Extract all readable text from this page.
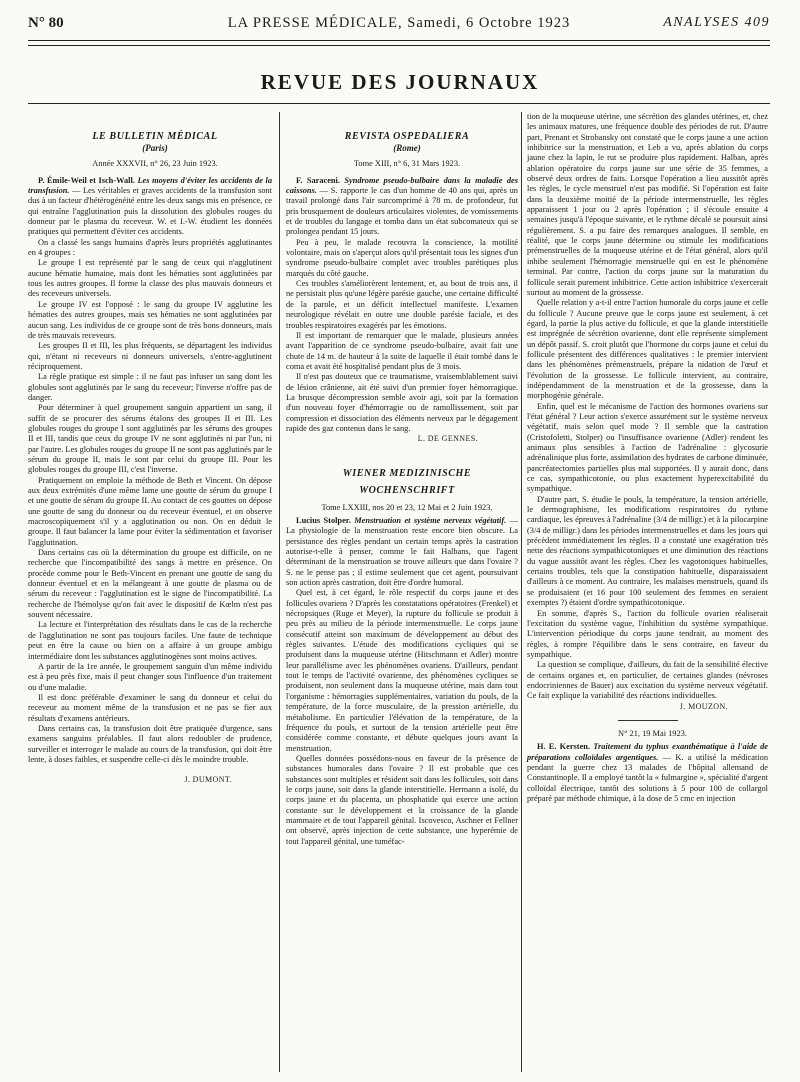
N° 80	LA PRESSE MÉDICALE, Samedi, 6 Octobre 1923	ANALYSES 409
REVUE DES JOURNAUX

LE BULLETIN MÉDICAL

(Paris)

Année XXXVII, n° 26, 23 Juin 1923.

P. Émile-Weil et Isch-Wall. Les moyens d'éviter les accidents de la transfusion. — Les véritables et graves accidents de la transfusion sont dus à un facteur d'hétérogénéité entre les deux sangs mis en présence, ce qui entraîne l'agglutination puis la dissolution des globules rouges du donneur par le plasma du receveur. W. et I.-W. étudient les données pratiques qui permettent d'éviter ces accidents.

On a classé les sangs humains d'après leurs propriétés agglutinantes en 4 groupes :

Le groupe I est représenté par le sang de ceux qui n'agglutinent aucune hématie humaine, mais dont les hématies sont agglutinées par tous les autres groupes. Il forme la classe des plus mauvais donneurs et des receveurs universels.

Le groupe IV est l'opposé : le sang du groupe IV agglutine les hématies des autres groupes, mais ses hématies ne sont agglutinées par aucun sang. Les individus de ce groupe sont de très bons donneurs, mais de très mauvais receveurs.

Les groupes II et III, les plus fréquents, se départagent les individus qui, n'étant ni receveurs ni donneurs universels, s'entre-agglutinent réciproquement.

La règle pratique est simple : il ne faut pas infuser un sang dont les globules sont agglutinés par le sang du receveur; l'inverse n'offre pas de danger.

Pour déterminer à quel groupement sanguin appartient un sang, il suffit de se procurer des sérums étalons des groupes II et III. Les globules rouges du groupe I sont agglutinés par les sérums des groupes II et III, tandis que ceux du groupe IV ne sont agglutinés ni par l'un, ni par l'autre. Les globules rouges du groupe II ne sont pas agglutinés par le sérum du groupe II, mais le sont par celui du groupe III. Pour les globules rouges du groupe III, c'est l'inverse.

Pratiquement on emploie la méthode de Beth et Vincent. On dépose aux deux extrémités d'une même lame une goutte de sérum du groupe I et une goutte de sérum du groupe II. Au contact de ces gouttes on dépose une goutte de sang du donneur ou du receveur éventuel, et on observe macroscopiquement s'il y a agglutination ou non. On en déduit le groupe. Il faut balancer la lame pour éviter la sédimentation et favoriser l'agglutination.

Dans certains cas où la détermination du groupe est difficile, on ne recherche que l'incompatibilité des sangs à mettre en présence. On procède comme pour le Beth-Vincent en prenant une goutte de sang du donneur éventuel et en la mélangeant à une goutte de plasma ou de sérum du receveur : l'agglutination est le signe de l'incompatibilité. La recherche de l'hémolyse qu'on fait avec le dispositif de Kœlm n'est pas souvent nécessaire.

La lecture et l'interprétation des résultats dans le cas de la recherche de l'agglutination ne sont pas toujours faciles. Une faute de technique peut en être la cause ou bien on a affaire à un groupe ambigu intermédiaire dont les substances agglutinogènes sont moins actives.

A partir de la 1re année, le groupement sanguin d'un même individu est à peu près fixe, mais il peut changer sous l'influence d'un traitement ou d'une maladie.

Il est donc préférable d'examiner le sang du donneur et celui du receveur au moment même de la transfusion et ne pas se fier aux résultats d'examens antérieurs.

Dans certains cas, la transfusion doit être pratiquée d'urgence, sans examens sanguins préalables. Il faut alors redoubler de prudence, surveiller et interroger le malade au cours de la transfusion, qui doit être lente, à doses faibles, et suspendre celle-ci dès le moindre trouble.

J. DUMONT.

REVISTA OSPEDALIERA

(Rome)

Tome XIII, n° 6, 31 Mars 1923.

F. Saraceni. Syndrome pseudo-bulbaire dans la maladie des caissons. — S. rapporte le cas d'un homme de 40 ans qui, après un travail prolongé dans l'air surcomprimé à 78 m. de profondeur, fut pris brusquement de douleurs articulaires violentes, de vomissements et de troubles du langage et tomba dans un état subcomateux qui se prolongea pendant 15 jours.

Peu à peu, le malade recouvra la conscience, la motilité volontaire, mais on s'aperçut alors qu'il présentait tous les signes d'un syndrome pseudo-bulbaire complet avec troubles parétiques plus marqués du côté gauche.

Ces troubles s'améliorèrent lentement, et, au bout de trois ans, il ne persistait plus qu'une légère parésie gauche, une certaine difficulté de la parole, et un déficit intellectuel manifeste. L'examen neurologique révélait en outre une double parésie faciale, et des troubles respiratoires exagérés par les émotions.

Il est important de remarquer que le malade, plusieurs années avant l'apparition de ce syndrome pseudo-bulbaire, avait fait une chute de 14 m. de hauteur à la suite de laquelle il était tombé dans le coma et avait été hospitalisé pendant plus de 3 mois.

Il n'est pas douteux que ce traumatisme, vraisemblablement suivi de lésion crânienne, ait été suivi d'un premier foyer hémorragique. La brusque décompression semble avoir agi, soit par la formation d'un nouveau foyer d'hémorragie ou de ramollissement, soit par compression et dissociation des éléments nerveux par le dégagement rapide des gaz contenus dans le sang.

L. DE GENNES.

WIENER MEDIZINISCHE

WOCHENSCHRIFT

Tome LXXIII, nos 20 et 23, 12 Mai et 2 Juin 1923.

Lucius Stolper. Menstruation et système nerveux végétatif. — La physiologie de la menstruation reste encore bien obscure. La persistance des règles pendant un certain temps après la castration autorise-t-elle à penser, comme le fait Halbans, que l'agent déterminant de la menstruation se trouve ailleurs que dans l'ovaire ? S. ne le pense pas ; il estime seulement que cet agent, poursuivant son action après castration, doit être d'ordre humoral.

Quel est, à cet égard, le rôle respectif du corps jaune et des follicules ovariens ? D'après les constatations opératoires (Frenkel) et nécropsiques (Ruge et Meyer), la rupture du follicule se produit à peu près au milieu de la période intermenstruelle. Le corps jaune consécutif atteint son maximum de développement au début des règles suivantes. L'étude des modifications cycliques qui se produisent dans la muqueuse utérine (Hitschmann et Adler) montre leur parallélisme avec les phénomènes ovariens. D'ailleurs, pendant tout le temps de l'activité ovarienne, des phénomènes cycliques se produisent, non seulement dans la muqueuse utérine, mais dans tout l'organisme : hémorragies supplémentaires, variation du pouls, de la température, de la force musculaire, de la pression artérielle, du métabolisme. En particulier l'élévation de la température, de la fréquence du pouls, et surtout de la tension artérielle peut être considérée comme constante, et débute quelques jours avant la menstruation.

Quelles données possédons-nous en faveur de la présence de substances humorales dans l'ovaire ? Il est probable que ces substances sont multiples et résident soit dans les follicules, soit dans le corps jaune, soit dans la glande interstitielle. Hermann a isolé, du corps jaune et du placenta, un phosphatide qui exerce une action constante sur le développement et la croissance de la glande mammaire et de tout l'appareil génital. Iscovesco, Aschner et Fellner ont observé, après injection de cette substance, une hyperémie de tout l'appareil génital, une tuméfac-

tion de la muqueuse utérine, une sécrétion des glandes utérines, et, chez les animaux matures, une fréquence double des périodes de rut. D'autre part, Prenant et Strobansky ont constaté que le corps jaune a une action inhibitrice sur la menstruation, et Leb a vu, après ablation du corps jaune chez la lapin, le rut se produire plus rapidement. Halban, après ablation opératoire du corps jaune sur une série de 35 femmes, a observé deux ordres de faits. Lorsque l'opération a lieu aussitôt après les règles, le cycle menstruel n'est pas modifié. Si l'opération est faite dans la deuxième moitié de la période intermenstruelle, les règles apparaissent 1 jour ou 2 après l'opération ; il s'écoule ensuite 4 semaines jusqu'à l'époque suivante, et le rythme décalé se poursuit ainsi régulièrement. S. a pu faire des remarques analogues. Il semble, en réalité, que le corps jaune détermine ou stimule les modifications prémenstruelles de la muqueuse utérine et de l'état général, alors qu'il inhibe seulement l'hémorragie menstruelle qui en est le phénomène terminal. Par contre, l'action du corps jaune sur la maturation du follicule serait purement inhibitrice. Cette action inhibitrice s'exercerait surtout au moment de la grossesse.

Quelle relation y a-t-il entre l'action humorale du corps jaune et celle du follicule ? Aucune preuve que le corps jaune est seulement, à cet égard, la partie la plus active du follicule, et que la glande interstitielle est imprégnée de sécrétion ovarienne, dont elle représente simplement un dépôt passif. S. croit plutôt que l'hormone du corps jaune et celui du follicule présentent des différences qualitatives : le premier intervient dans les phénomènes prémenstruels, prépare la nidation de l'œuf et l'évolution de la grossesse. Le follicule intervient, au contraire, indépendamment de la menstruation et de la grossesse, dans la morphogénie générale.

Enfin, quel est le mécanisme de l'action des hormones ovariens sur l'état général ? Leur action s'exerce assurément sur le système nerveux végétatif, mais selon quel mode ? Il semble que la castration (Cristofoletti, Stolper) ou l'insuffisance ovarienne (Adler) rendent les animaux plus sensibles à l'action de l'adrénaline : glycosurie adrénalinique plus forte, assimilation des hydrates de carbone diminuée, pancréatectomies partielles plus mal supportées. Il y aurait donc, dans ce cas, sympathicotonie, ou plus exactement hyperexcitabilité du sympathique.

D'autre part, S. étudie le pouls, la température, la tension artérielle, le dermographisme, les modifications respiratoires du rythme cardiaque, les épreuves à l'adrénaline (3/4 de milligr.) et à la pilocarpine (3/4 de milligr.) dans les périodes intermenstruelles et dans les jours qui précèdent immédiatement les règles. Il a constaté une exagération très nette des réactions sympathicotoniques et une diminution des réactions du vague aussitôt avant les règles. Chez les vagotoniques habituelles, certains troubles, tels que la constipation habituelle, disparaissaient d'ailleurs à ce moment. Au contraire, les malaises menstruels, quand ils se produisaient (et 16 pour 100 seulement des femmes en seraient exemptes ?) étaient d'ordre sympathicotonique.

En somme, d'après S., l'action du follicule ovarien réaliserait l'excitation du système vague, l'inhibition du système sympathique. L'intervention périodique du corps jaune tendrait, au moment des règles, à rompre l'équilibre dans le sens contraire, en faveur du sympathique.

La question se complique, d'ailleurs, du fait de la sensibilité élective de certains organes et, en particulier, de certaines glandes (névroses endocriniennes de Bauer) aux excitation du système nerveux végétatif. Ce fait explique la variabilité des réactions individuelles.

J. MOUZON.

N° 21, 19 Mai 1923.

H. E. Kersten. Traitement du typhus exanthématique à l'aide de préparations colloïdales argentiques. — K. a utilisé la médication pendant la guerre chez 13 malades de l'hôpital allemand de Constantinople. Il a employé tantôt la « fulmargine », spécialité d'argent colloïdal électrique, tantôt des solutions à 5 pour 100 de collargol préparé par méthode chimique, à la dose de 5 cmc en injection
